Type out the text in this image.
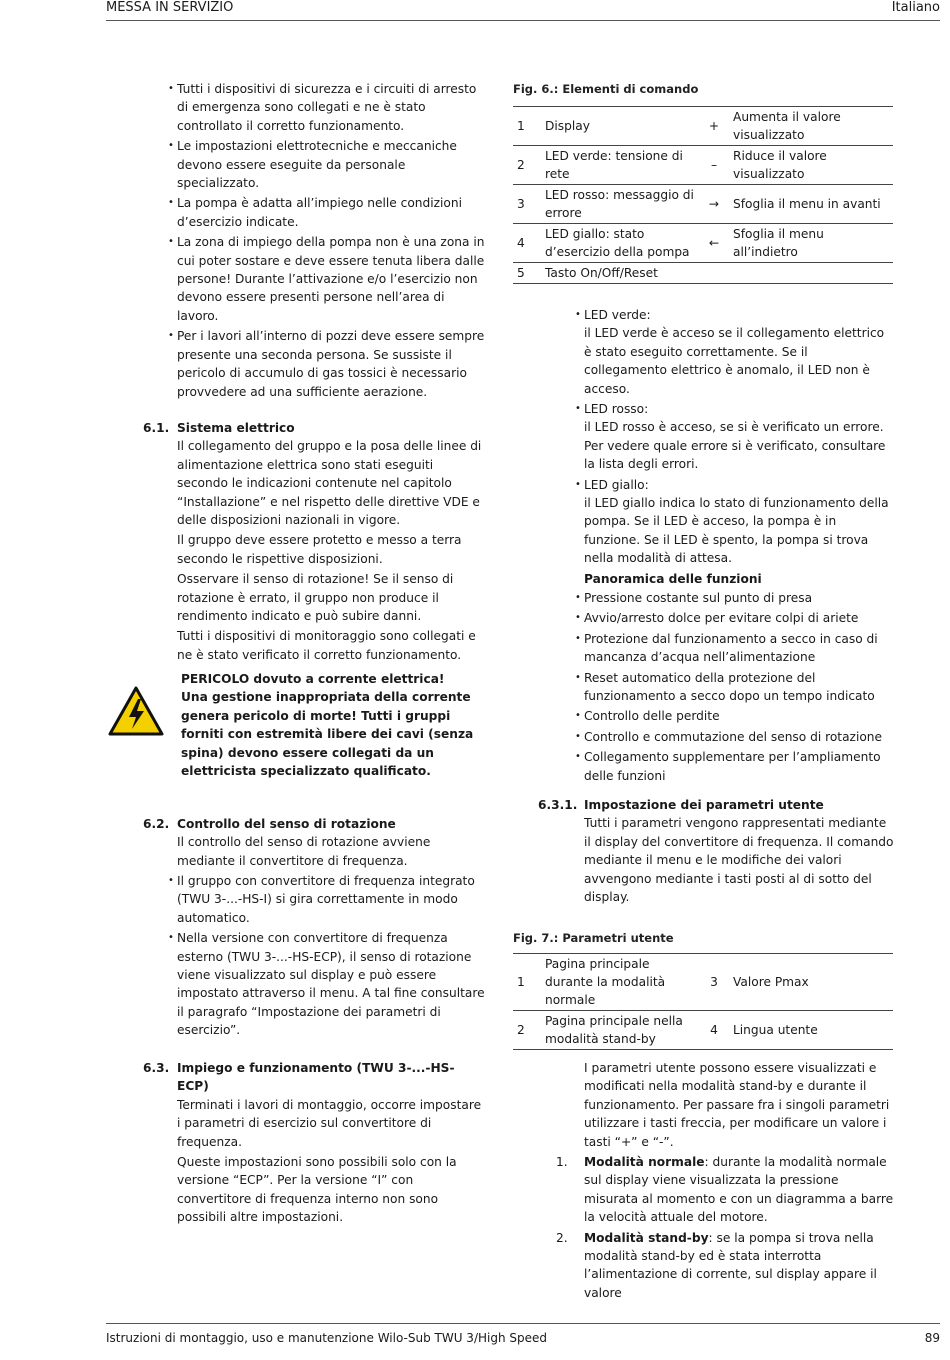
MESSA IN SERVIZIO	Italiano
• Tutti i dispositivi di sicurezza e i circuiti di arresto di emergenza sono collegati e ne è stato controllato il corretto funzionamento.
• Le impostazioni elettrotecniche e meccaniche devono essere eseguite da personale specializzato.
• La pompa è adatta all’impiego nelle condizioni d’esercizio indicate.
• La zona di impiego della pompa non è una zona in cui poter sostare e deve essere tenuta libera dalle persone! Durante l’attivazione e/o l’esercizio non devono essere presenti persone nell’area di lavoro.
• Per i lavori all’interno di pozzi deve essere sempre presente una seconda persona. Se sussiste il pericolo di accumulo di gas tossici è necessario provvedere ad una sufficiente aerazione.
6.1. Sistema elettrico

Il collegamento del gruppo e la posa delle linee di alimentazione elettrica sono stati eseguiti secondo le indicazioni contenute nel capitolo “Installazione” e nel rispetto delle direttive VDE e delle disposizioni nazionali in vigore.

Il gruppo deve essere protetto e messo a terra secondo le rispettive disposizioni.

Osservare il senso di rotazione! Se il senso di rotazione è errato, il gruppo non produce il rendimento indicato e può subire danni.

Tutti i dispositivi di monitoraggio sono collegati e ne è stato verificato il corretto funzionamento.

PERICOLO dovuto a corrente elettrica!
Una gestione inappropriata della corrente genera pericolo di morte! Tutti i gruppi forniti con estremità libere dei cavi (senza spina) devono essere collegati da un elettricista specializzato qualificato.
6.2. Controllo del senso di rotazione

Il controllo del senso di rotazione avviene mediante il convertitore di frequenza.

• Il gruppo con convertitore di frequenza integrato (TWU 3-...-HS-I) si gira correttamente in modo automatico.
• Nella versione con convertitore di frequenza esterno (TWU 3-...-HS-ECP), il senso di rotazione viene visualizzato sul display e può essere impostato attraverso il menu. A tal fine consultare il paragrafo “Impostazione dei parametri di esercizio”.
6.3. Impiego e funzionamento (TWU 3-...-HS-ECP)

Terminati i lavori di montaggio, occorre impostare i parametri di esercizio sul convertitore di frequenza.

Queste impostazioni sono possibili solo con la versione “ECP”. Per la versione “I” con convertitore di frequenza interno non sono possibili altre impostazioni.

Fig. 6.: Elementi di comando
1	Display	+	Aumenta il valore visualizzato
2	LED verde: tensione di rete	–	Riduce il valore visualizzato
3	LED rosso: messaggio di errore	→	Sfoglia il menu in avanti
4	LED giallo: stato d’esercizio della pompa	←	Sfoglia il menu all’indietro
5	Tasto On/Off/Reset		
• LED verde:
il LED verde è acceso se il collegamento elettrico è stato eseguito correttamente. Se il collegamento elettrico è anomalo, il LED non è acceso.
• LED rosso:
il LED rosso è acceso, se si è verificato un errore. Per vedere quale errore si è verificato, consultare la lista degli errori.
• LED giallo:
il LED giallo indica lo stato di funzionamento della pompa. Se il LED è acceso, la pompa è in funzione. Se il LED è spento, la pompa si trova nella modalità di attesa.
Panoramica delle funzioni
• Pressione costante sul punto di presa
• Avvio/arresto dolce per evitare colpi di ariete
• Protezione dal funzionamento a secco in caso di mancanza d’acqua nell’alimentazione
• Reset automatico della protezione del funzionamento a secco dopo un tempo indicato
• Controllo delle perdite
• Controllo e commutazione del senso di rotazione
• Collegamento supplementare per l’ampliamento delle funzioni
6.3.1. Impostazione dei parametri utente

Tutti i parametri vengono rappresentati mediante il display del convertitore di frequenza. Il comando mediante il menu e le modifiche dei valori avvengono mediante i tasti posti al di sotto del display.

Fig. 7.: Parametri utente
1	Pagina principale durante la modalità normale	3	Valore Pmax
2	Pagina principale nella modalità stand-by	4	Lingua utente

I parametri utente possono essere visualizzati e modificati nella modalità stand-by e durante il funzionamento. Per passare fra i singoli parametri utilizzare i tasti freccia, per modificare un valore i tasti “+” e “-”.

1. Modalità normale: durante la modalità normale sul display viene visualizzata la pressione misurata al momento e con un diagramma a barre la velocità attuale del motore.
2. Modalità stand-by: se la pompa si trova nella modalità stand-by ed è stata interrotta l’alimentazione di corrente, sul display appare il valore
Istruzioni di montaggio, uso e manutenzione Wilo-Sub TWU 3/High Speed	89
